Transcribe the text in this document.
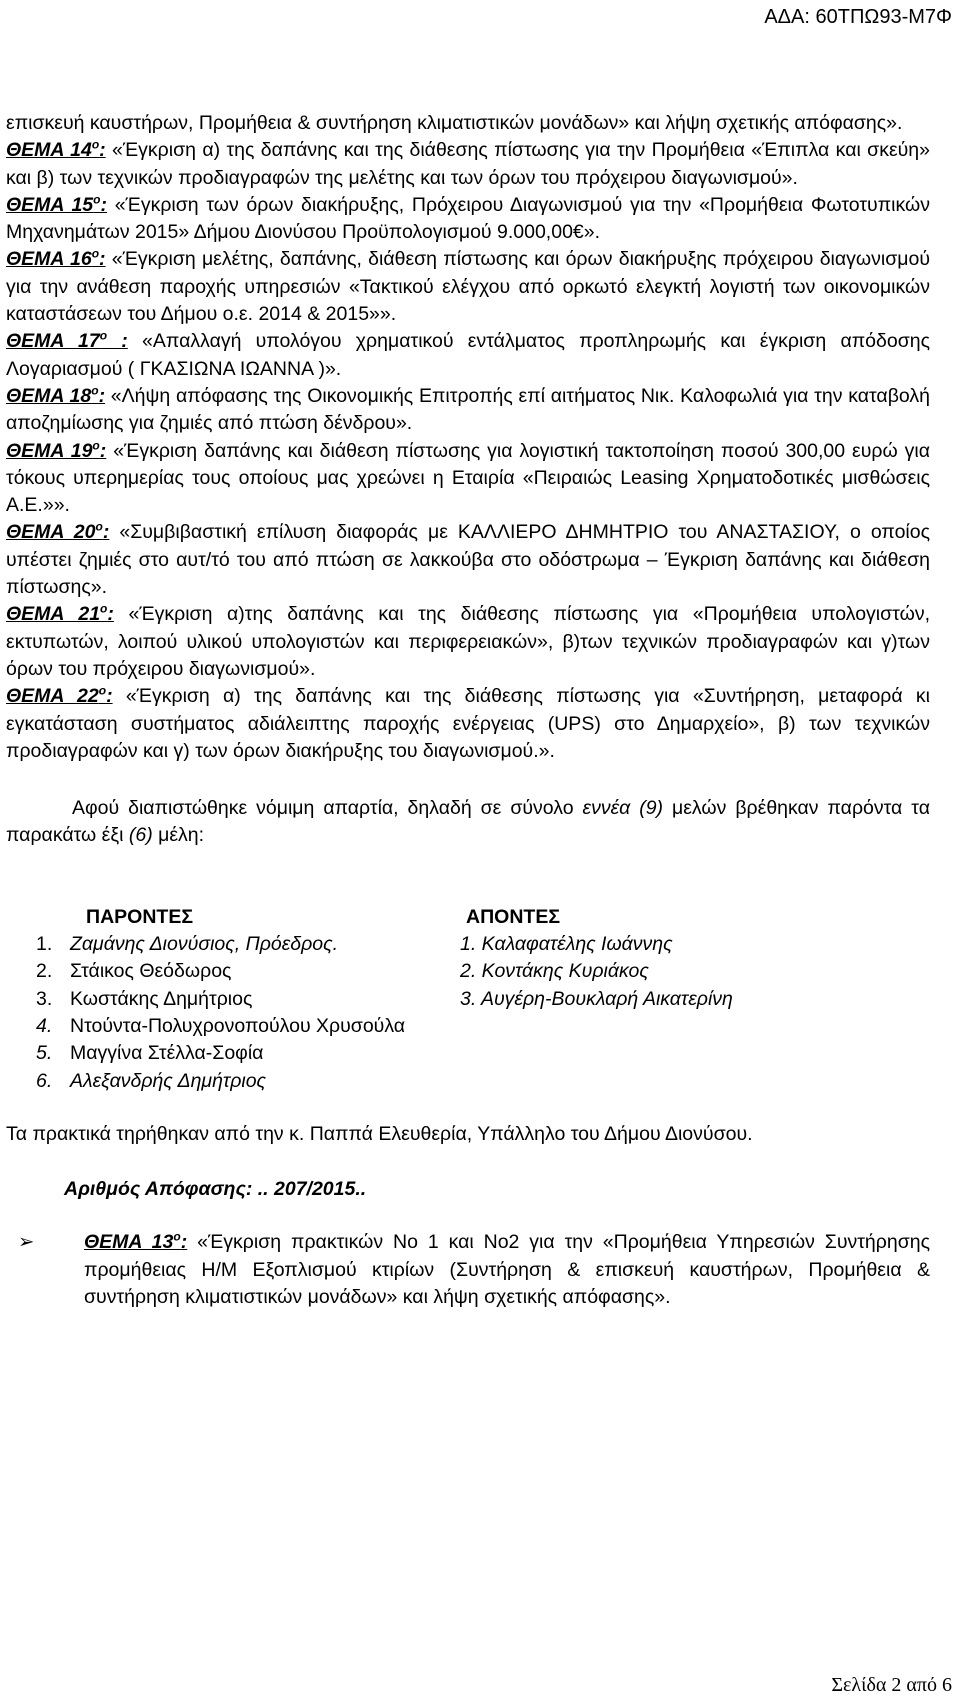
ΑΔΑ: 60ΤΠΩ93-Μ7Φ

επισκευή καυστήρων, Προμήθεια & συντήρηση κλιματιστικών μονάδων» και λήψη σχετικής απόφασης».

ΘΕΜΑ $14^o$: «Έγκριση α) της δαπάνης και της διάθεσης πίστωσης για την Προμήθεια «Έπιπλα και σκεύη» και β) των τεχνικών προδιαγραφών της μελέτης και των όρων του πρόχειρου διαγωνισμού».

ΘΕΜΑ $15^o$: «Έγκριση των όρων διακήρυξης, Πρόχειρου Διαγωνισμού για την «Προμήθεια Φωτοτυπικών Μηχανημάτων 2015» Δήμου Διονύσου Προϋπολογισμού 9.000,00€».

ΘΕΜΑ $16^o$: «Έγκριση μελέτης, δαπάνης, διάθεση πίστωσης και όρων διακήρυξης πρόχειρου διαγωνισμού για την ανάθεση παροχής υπηρεσιών «Τακτικού ελέγχου από ορκωτό ελεγκτή λογιστή των οικονομικών καταστάσεων του Δήμου ο.ε. 2014 & 2015»».

ΘΕΜΑ $17^o$ : «Απαλλαγή υπολόγου χρηματικού εντάλματος προπληρωμής και έγκριση απόδοσης Λογαριασμού ( ΓΚΑΣΙΩΝΑ ΙΩΑΝΝΑ )».

ΘΕΜΑ $18^o$: «Λήψη απόφασης της Οικονομικής Επιτροπής επί αιτήματος Νικ. Καλοφωλιά για την καταβολή αποζημίωσης για ζημιές από πτώση δένδρου».

ΘΕΜΑ $19^o$: «Έγκριση δαπάνης και διάθεση πίστωσης για λογιστική τακτοποίηση ποσού 300,00 ευρώ για τόκους υπερημερίας τους οποίους μας χρεώνει η Εταιρία «Πειραιώς Leasing Χρηματοδοτικές μισθώσεις Α.Ε.»».

ΘΕΜΑ $20^o$: «Συμβιβαστική επίλυση διαφοράς με ΚΑΛΛΙΕΡΟ ΔΗΜΗΤΡΙΟ του ΑΝΑΣΤΑΣΙΟΥ, ο οποίος υπέστει ζημιές στο αυτ/τό του από πτώση σε λακκούβα στο οδόστρωμα – Έγκριση δαπάνης και διάθεση πίστωσης».

ΘΕΜΑ $21^o$: «Έγκριση α)της δαπάνης και της διάθεσης πίστωσης για «Προμήθεια υπολογιστών, εκτυπωτών, λοιπού υλικού υπολογιστών και περιφερειακών», β)των τεχνικών προδιαγραφών και γ)των όρων του πρόχειρου διαγωνισμού».

ΘΕΜΑ $22^o$: «Έγκριση α) της δαπάνης και της διάθεσης πίστωσης για «Συντήρηση, μεταφορά κι εγκατάσταση συστήματος αδιάλειπτης παροχής ενέργειας (UPS) στο Δημαρχείο», β) των τεχνικών προδιαγραφών και γ) των όρων διακήρυξης του διαγωνισμού.».

Αφού διαπιστώθηκε νόμιμη απαρτία, δηλαδή σε σύνολο εννέα (9) μελών βρέθηκαν παρόντα τα παρακάτω έξι (6) μέλη:

ΠΑΡΟΝΤΕΣ
1. Ζαμάνης Διονύσιος, Πρόεδρος.
2. Στάικος Θεόδωρος
3. Κωστάκης Δημήτριος
4. Ντούντα-Πολυχρονοπούλου Χρυσούλα
5. Μαγγίνα Στέλλα-Σοφία
6. Αλεξανδρής Δημήτριος
ΑΠΟΝΤΕΣ
1. Καλαφατέλης Ιωάννης
2. Κοντάκης Κυριάκος
3. Αυγέρη-Βουκλαρή Αικατερίνη

Τα πρακτικά τηρήθηκαν από την κ. Παππά Ελευθερία, Υπάλληλο του Δήμου Διονύσου.

Αριθμός Απόφασης: .. 207/2015..

➢	ΘΕΜΑ $13^o$: «Έγκριση πρακτικών Νο 1 και Νο2 για την «Προμήθεια Υπηρεσιών Συντήρησης προμήθειας Η/Μ Εξοπλισμού κτιρίων (Συντήρηση & επισκευή καυστήρων, Προμήθεια & συντήρηση κλιματιστικών μονάδων» και λήψη σχετικής απόφασης».

Σελίδα 2 από 6
